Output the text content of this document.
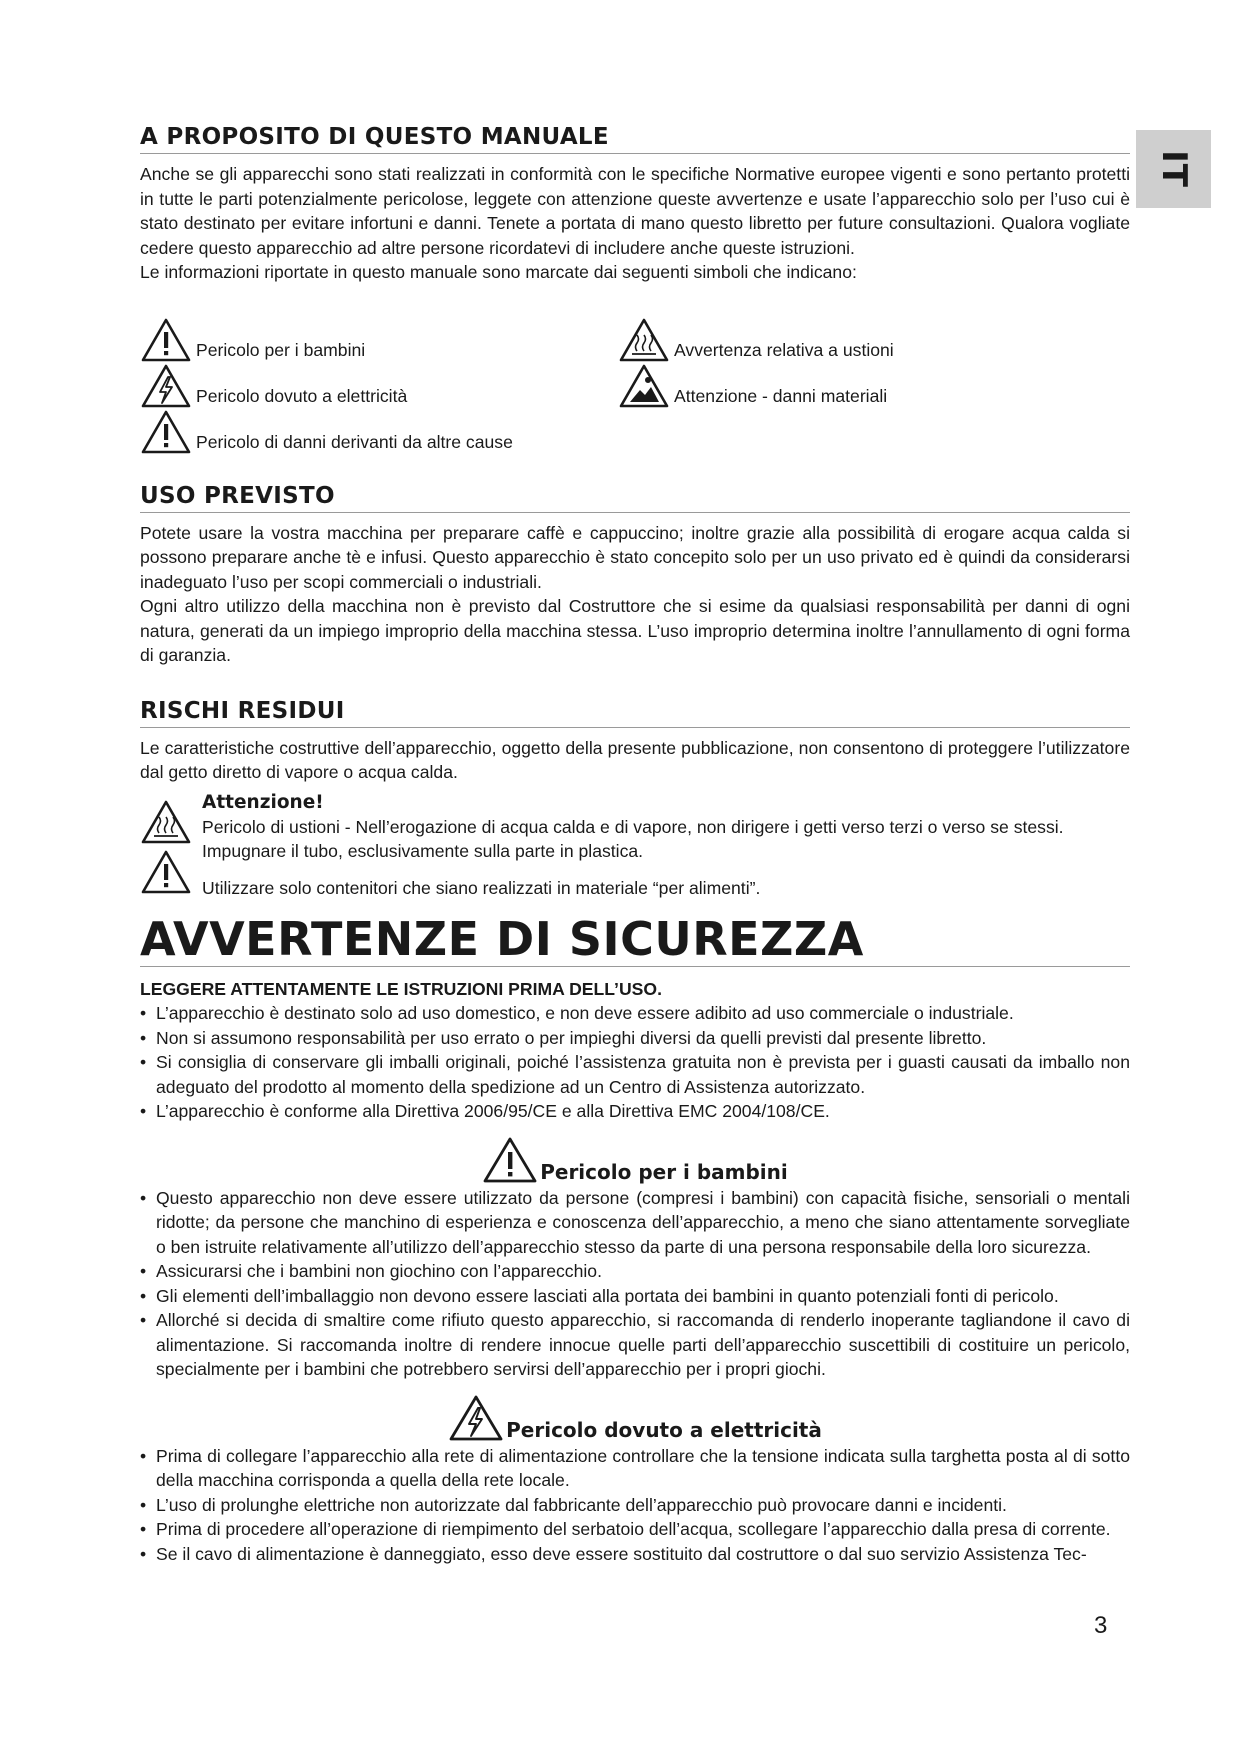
IT
A PROPOSITO DI QUESTO MANUALE

Anche se gli apparecchi sono stati realizzati in conformità con le specifiche Normative europee vigenti e sono pertanto protetti in tutte le parti potenzialmente pericolose, leggete con attenzione queste avvertenze e usate l’apparecchio solo per l’uso cui è stato destinato per evitare infortuni e danni. Tenete a portata di mano questo libretto per future consultazioni. Qualora vogliate cedere questo apparecchio ad altre persone ricordatevi di includere anche queste istruzioni.

Le informazioni riportate in questo manuale sono marcate dai seguenti simboli che indicano:

Pericolo per i bambini
Pericolo dovuto a elettricità
Pericolo di danni derivanti da altre cause
Avvertenza relativa a ustioni
Attenzione - danni materiali
USO PREVISTO

Potete usare la vostra macchina per preparare caffè e cappuccino; inoltre grazie alla possibilità di erogare acqua calda si possono preparare anche tè e infusi. Questo apparecchio è stato concepito solo per un uso privato ed è quindi da considerarsi inadeguato l’uso per scopi commerciali o industriali.

Ogni altro utilizzo della macchina non è previsto dal Costruttore che si esime da qualsiasi responsabilità per danni di ogni natura, generati da un impiego improprio della macchina stessa. L’uso improprio determina inoltre l’annullamento di ogni forma di garanzia.

RISCHI RESIDUI

Le caratteristiche costruttive dell’apparecchio, oggetto della presente pubblicazione, non consentono di proteggere l’utilizzatore dal getto diretto di vapore o acqua calda.

Attenzione!

Pericolo di ustioni - Nell’erogazione di acqua calda e di vapore, non dirigere i getti verso terzi o verso se stessi.

Impugnare il tubo, esclusivamente sulla parte in plastica.

Utilizzare solo contenitori che siano realizzati in materiale “per alimenti”.

AVVERTENZE DI SICUREZZA
LEGGERE ATTENTAMENTE LE ISTRUZIONI PRIMA DELL’USO.
• L’apparecchio è destinato solo ad uso domestico, e non deve essere adibito ad uso commerciale o industriale.
• Non si assumono responsabilità per uso errato o per impieghi diversi da quelli previsti dal presente libretto.
• Si consiglia di conservare gli imballi originali, poiché l’assistenza gratuita non è prevista per i guasti causati da imballo non adeguato del prodotto al momento della spedizione ad un Centro di Assistenza autorizzato.
• L’apparecchio è conforme alla Direttiva 2006/95/CE e alla Direttiva EMC 2004/108/CE.
Pericolo per i bambini
• Questo apparecchio non deve essere utilizzato da persone (compresi i bambini) con capacità fisiche, sensoriali o mentali ridotte; da persone che manchino di esperienza e conoscenza dell’apparecchio, a meno che siano attentamente sorvegliate o ben istruite relativamente all’utilizzo dell’apparecchio stesso da parte di una persona responsabile della loro sicurezza.
• Assicurarsi che i bambini non giochino con l’apparecchio.
• Gli elementi dell’imballaggio non devono essere lasciati alla portata dei bambini in quanto potenziali fonti di pericolo.
• Allorché si decida di smaltire come rifiuto questo apparecchio, si raccomanda di renderlo inoperante tagliandone il cavo di alimentazione. Si raccomanda inoltre di rendere innocue quelle parti dell’apparecchio suscettibili di costituire un pericolo, specialmente per i bambini che potrebbero servirsi dell’apparecchio per i propri giochi.
Pericolo dovuto a elettricità
• Prima di collegare l’apparecchio alla rete di alimentazione controllare che la tensione indicata sulla targhetta posta al di sotto della macchina corrisponda a quella della rete locale.
• L’uso di prolunghe elettriche non autorizzate dal fabbricante dell’apparecchio può provocare danni e incidenti.
• Prima di procedere all’operazione di riempimento del serbatoio dell’acqua, scollegare l’apparecchio dalla presa di corrente.
• Se il cavo di alimentazione è danneggiato, esso deve essere sostituito dal costruttore o dal suo servizio Assistenza Tec-
3
